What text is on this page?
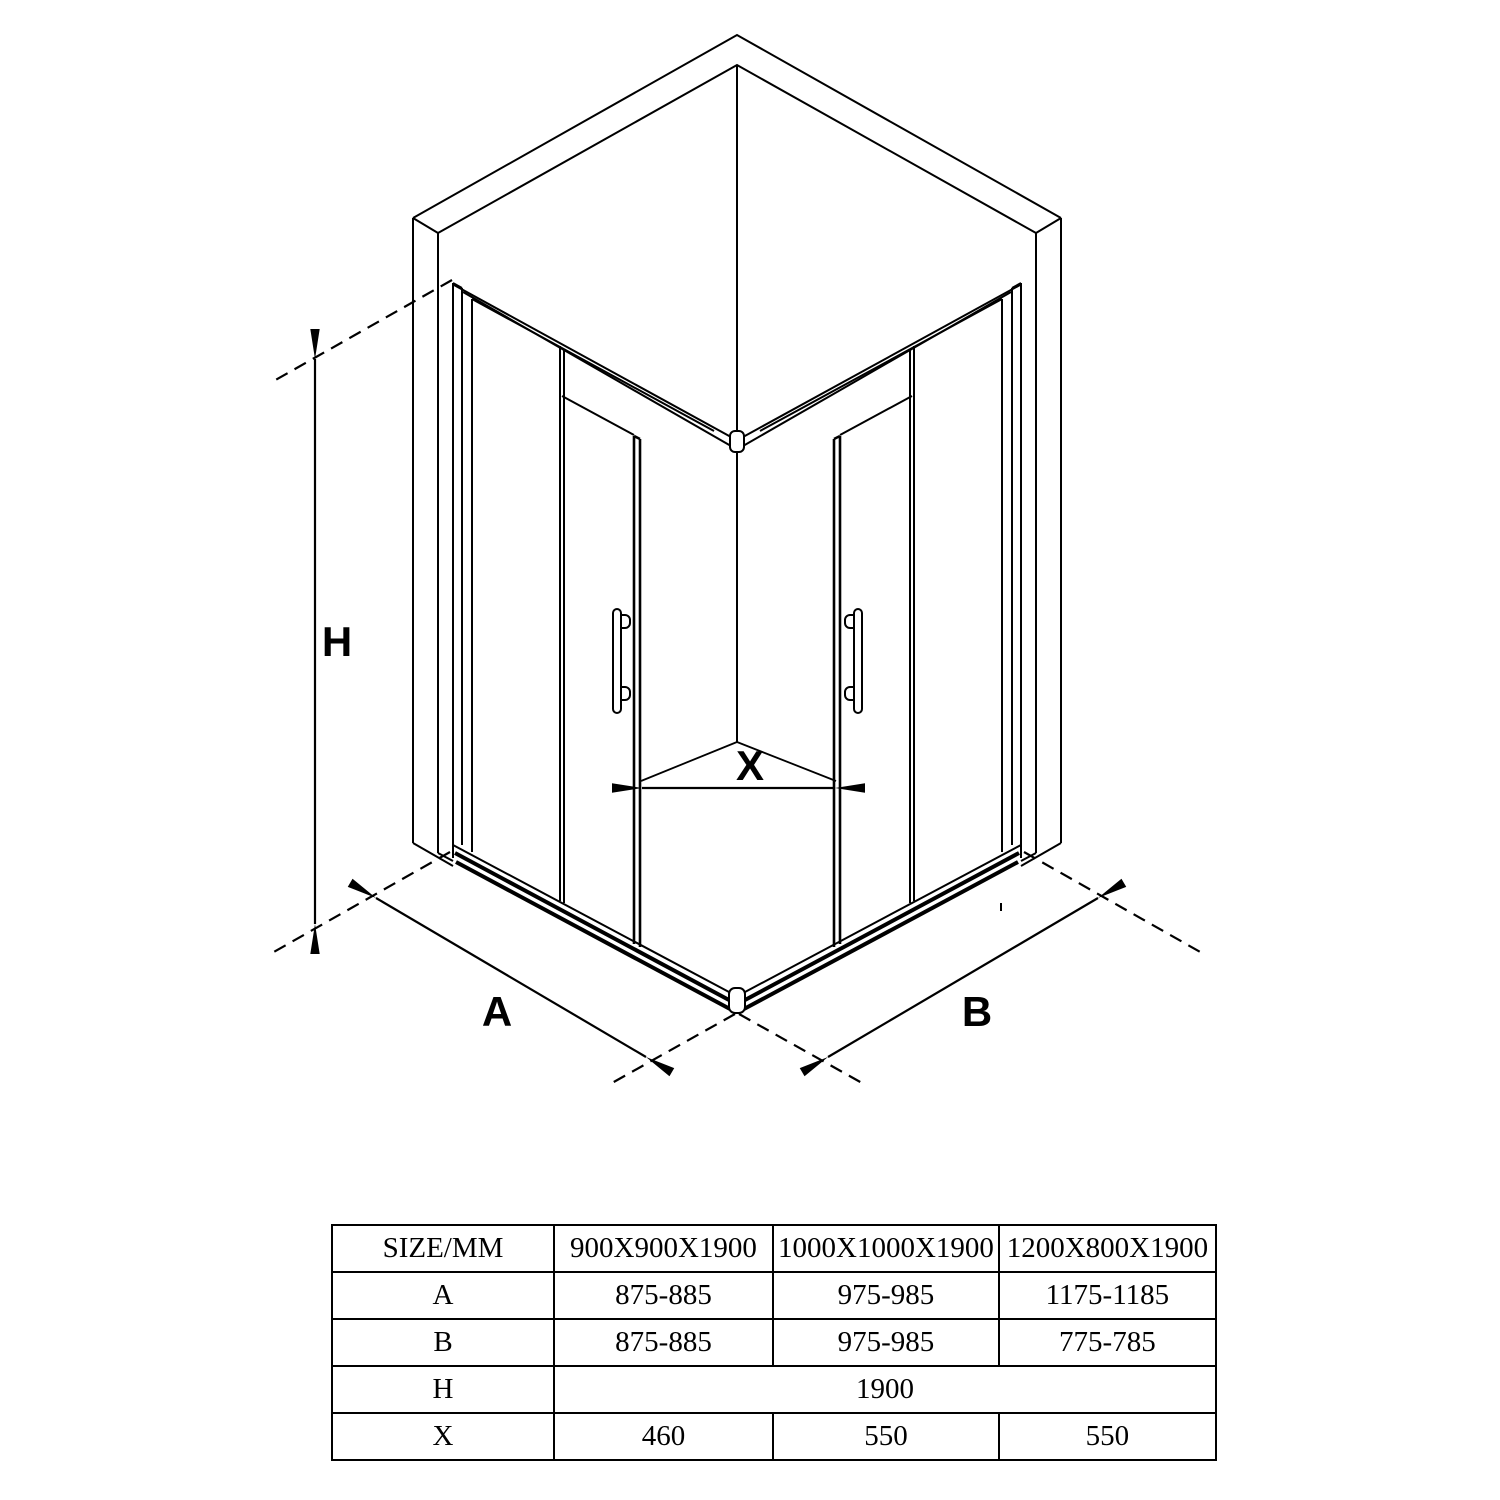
H
A	B
X
SIZE/MM	900X900X1900	1000X1000X1900	1200X800X1900
A	875-885	975-985	1175-1185
B	875-885	975-985	775-785
H	1900		
X	460	550	550
